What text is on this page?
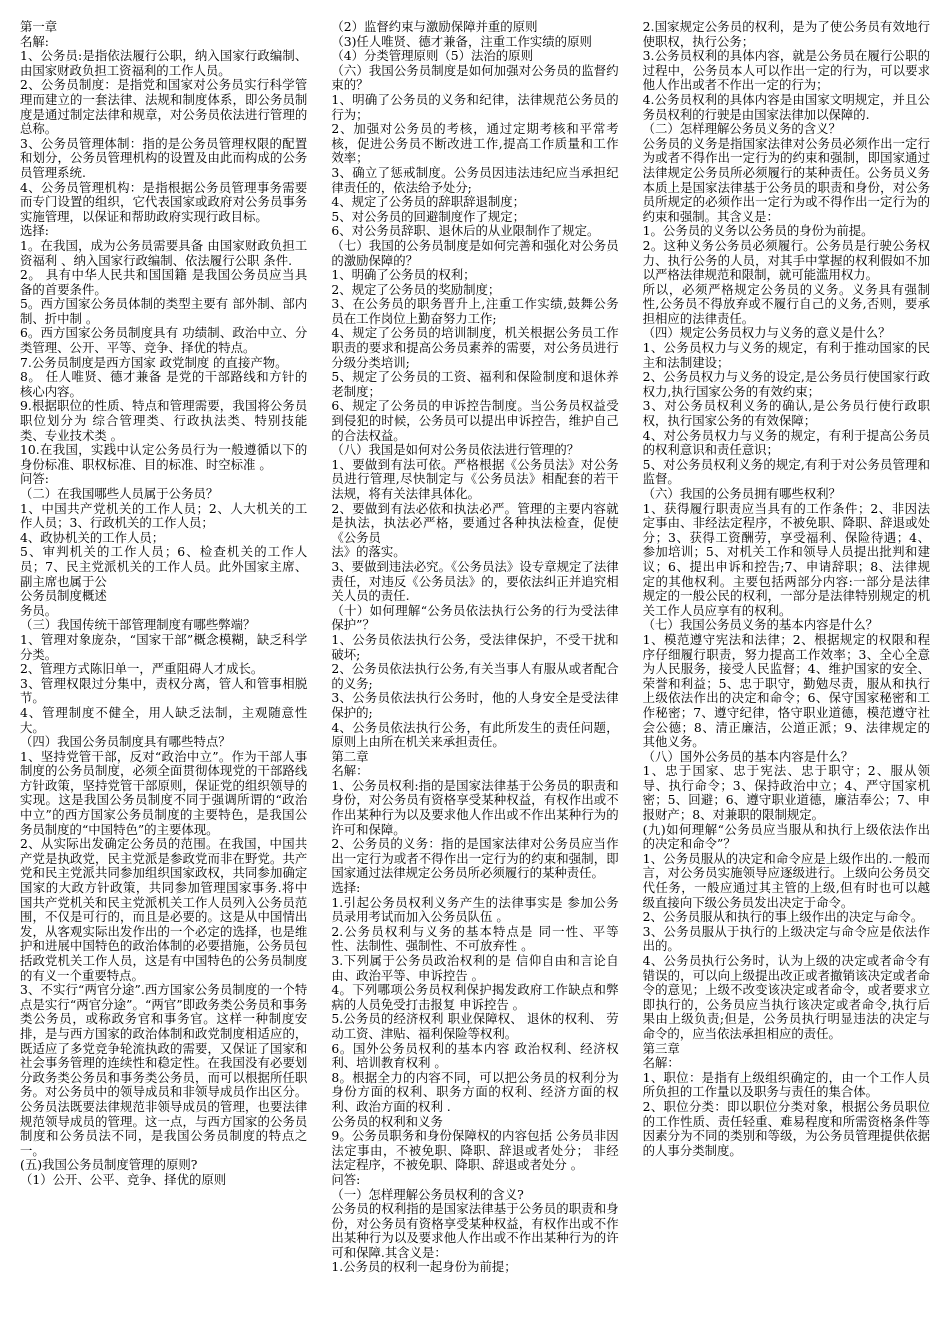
第一章
名解:
1、公务员:是指依法履行公职，纳入国家行政编制、由国家财政负担工资福利的工作人员。
2、公务员制度：是指党和国家对公务员实行科学管理而建立的一套法律、法规和制度体系，即公务员制度是通过制定法律和规章，对公务员依法进行管理的总称。
3、公务员管理体制：指的是公务员管理权限的配置和划分，公务员管理机构的设置及由此而构成的公务员管理系统.
4、公务员管理机构：是指根据公务员管理事务需要而专门设置的组织，它代表国家或政府对公务员事务实施管理，以保证和帮助政府实现行政目标。
选择:
1。在我国，成为公务员需要具备 由国家财政负担工资福利 、纳入国家行政编制、依法履行公职 条件.
2。 具有中华人民共和国国籍 是我国公务员应当具备的首要条件。
5。西方国家公务员体制的类型主要有 部外制、部内制、折中制 。
6。西方国家公务员制度具有 功绩制、政治中立、分类管理、公开、平等、竞争、择优的特点。
7.公务员制度是西方国家 政党制度 的直接产物。
8。 任人唯贤、德才兼备 是党的干部路线和方针的核心内容。
9.根据职位的性质、特点和管理需要，我国将公务员职位划分为 综合管理类、行政执法类、特别技能类、专业技术类 。
10.在我国，实践中认定公务员行为一般遵循以下的 身份标准、职权标准、目的标准、时空标准 。
问答:
（二）在我国哪些人员属于公务员？
1、中国共产党机关的工作人员；2、人大机关的工作人员；3、行政机关的工作人员；
4、政协机关的工作人员；
5、审判机关的工作人员；6、检查机关的工作人员；7、民主党派机关的工作人员。此外国家主席、副主席也属于公
公务员制度概述
务员。
（三）我国传统干部管理制度有哪些弊端？
1、管理对象庞杂，“国家干部”概念模糊，缺乏科学分类。
2、管理方式陈旧单一，严重阻碍人才成长。
3、管理权限过分集中，责权分离，管人和管事相脱节。
4、管理制度不健全，用人缺乏法制，主观随意性大。
（四）我国公务员制度具有哪些特点？
1、坚持党管干部，反对“政治中立”。作为干部人事制度的公务员制度，必须全面贯彻体现党的干部路线方针政策，坚持党管干部原则，保证党的组织领导的实现。这是我国公务员制度不同于强调所谓的“政治中立”的西方国家公务员制度的主要特色，是我国公务员制度的“中国特色”的主要体现。
2、从实际出发确定公务员的范围。在我国，中国共产党是执政党，民主党派是参政党而非在野党。共产党和民主党派共同参加组织国家政权，共同参加确定国家的大政方针政策，共同参加管理国家事务.将中国共产党机关和民主党派机关工作人员列入公务员范围，不仅是可行的，而且是必要的。这是从中国情出发，从客观实际出发作出的一个必定的选择，也是维护和进展中国特色的政治体制的必要措施，公务员包括政党机关工作人员，这是有中国特色的公务员制度的有义一个重要特点。
3、不实行“两官分途”.西方国家公务员制度的一个特点是实行“两官分途”。“两官”即政务类公务员和事务类公务员，或称政务官和事务官。这样一种制度安排，是与西方国家的政治体制和政党制度相适应的，既适应了多党竞争轮流执政的需要，又保证了国家和社会事务管理的连续性和稳定性。在我国没有必要划分政务类公务员和事务类公务员，而可以根据所任职务。对公务员中的领导成员和非领导成员作出区分。公务员法既要法律规范非领导成员的管理，也要法律规范领导成员的管理。这一点，与西方国家的公务员制度和公务员法不同，是我国公务员制度的特点之一。
(五)我国公务员制度管理的原则?
（1）公开、公平、竞争、择优的原则
（2）监督约束与激励保障并重的原则
（3)任人唯贤、德才兼备，注重工作实绩的原则
（4）分类管理原则（5）法治的原则
（六）我国公务员制度是如何加强对公务员的监督约束的？
1、明确了公务员的义务和纪律，法律规范公务员的行为；
2、加强对公务员的考核，通过定期考核和平常考核，促进公务员不断改进工作,提高工作质量和工作效率；
3、确立了惩戒制度。公务员因违法违纪应当承担纪律责任的，依法给予处分;
4、规定了公务员的辞职辞退制度；
5、对公务员的回避制度作了规定；
6、对公务员辞职、退休后的从业限制作了规定。
（七）我国的公务员制度是如何完善和强化对公务员的激励保障的？
1、明确了公务员的权利；
2、规定了公务员的奖励制度；
3、在公务员的职务晋升上,注重工作实绩,鼓舞公务员在工作岗位上勤奋努力工作;
4、规定了公务员的培训制度，机关根据公务员工作职责的要求和提高公务员素养的需要，对公务员进行分级分类培训;
5、规定了公务员的工资、福利和保险制度和退休养老制度；
6、规定了公务员的申诉控告制度。当公务员权益受到侵犯的时候，公务员可以提出申诉控告，维护自己的合法权益。
（八）我国是如何对公务员依法进行管理的？
1、要做到有法可依。严格根据《公务员法》对公务员进行管理,尽快制定与《公务员法》相配套的若干法规，将有关法律具体化。
2、要做到有法必依和执法必严。管理的主要内容就是执法，执法必严格，要通过各种执法检查，促使《公务员
法》的落实。
3、要做到违法必究。《公务员法》设专章规定了法律责任，对违反《公务员法》的，要依法纠正并追究相关人员的责任.
（十）如何理解“公务员依法执行公务的行为受法律保护”？
1、公务员依法执行公务，受法律保护，不受干扰和破坏;
2、公务员依法执行公务,有关当事人有服从或者配合的义务;
3、公务员依法执行公务时，他的人身安全是受法律保护的;
4、公务员依法执行公务，有此所发生的责任问题，原则上由所在机关来承担责任。
第二章
名解：
1、公务员权利:指的是国家法律基于公务员的职责和身份，对公务员有资格享受某种权益，有权作出或不作出某种行为以及要求他人作出或不作出某种行为的许可和保障。
2、公务员的义务：指的是国家法律对公务员应当作出一定行为或者不得作出一定行为的约束和强制，即国家通过法律规定公务员所必须履行的某种责任。
选择:
1.引起公务员权利义务产生的法律事实是 参加公务员录用考试而加入公务员队伍 。
2.公务员权利与义务的基本特点是 同一性、平等性、法制性、强制性、不可放弃性 。
3.下列属于公务员政治权利的是 信仰自由和言论自由、政治平等、申诉控告 。
4。下列哪项公务员权利保护揭发政府工作缺点和弊病的人员免受打击报复 申诉控告 。
5.公务员的经济权利 职业保障权、 退休的权利、 劳动工资、津贴、福利保险等权利。
6。国外公务员权利的基本内容 政治权利、经济权利、培训教育权利 。
8。根据全力的内容不同，可以把公务员的权利分为 身份方面的权利、职务方面的权利、经济方面的权利、政治方面的权利 .
公务员的权利和义务
9。公务员职务和身份保障权的内容包括 公务员非因法定事由，不被免职、降职、辞退或者处分； 非经法定程序，不被免职、降职、辞退或者处分 。
问答:
（一）怎样理解公务员权利的含义?
公务员的权利指的是国家法律基于公务员的职责和身份，对公务员有资格享受某种权益，有权作出或不作出某种行为以及要求他人作出或不作出某种行为的许可和保障.其含义是：
1.公务员的权利一起身份为前提；
2.国家规定公务员的权利，是为了使公务员有效地行使职权，执行公务；
3.公务员权利的具体内容，就是公务员在履行公职的过程中，公务员本人可以作出一定的行为，可以要求他人作出或者不作出一定的行为；
4.公务员权利的具体内容是由国家文明规定，并且公务员权利的行驶是由国家法律加以保障的.
（二）怎样理解公务员义务的含义？
公务员的义务是指国家法律对公务员必须作出一定行为或者不得作出一定行为的约束和强制，即国家通过法律规定公务员所必须履行的某种责任。公务员义务本质上是国家法律基于公务员的职责和身份，对公务员所规定的必须作出一定行为或不得作出一定行为的约束和强制。其含义是：
1。公务员的义务以公务员的身份为前提。
2。这种义务公务员必须履行。公务员是行驶公务权力、执行公务的人员，对其手中掌握的权利假如不加以严格法律规范和限制，就可能滥用权力。
所以，必须严格规定公务员的义务。义务具有强制性,公务员不得放弃或不履行自己的义务,否则，要承担相应的法律责任。
（四）规定公务员权力与义务的意义是什么？
1、公务员权力与义务的规定，有利于推动国家的民主和法制建设；
2、公务员权力与义务的设定,是公务员行使国家行政权力,执行国家公务的有效约束；
3、对公务员权利义务的确认,是公务员行使行政职权，执行国家公务的有效保障；
4、对公务员权力与义务的规定，有利于提高公务员的权利意识和责任意识；
5、对公务员权利义务的规定,有利于对公务员管理和监督。
（六）我国的公务员拥有哪些权利？
1、获得履行职责应当具有的工作条件；2、非因法定事由、非经法定程序，不被免职、降职、辞退或处分；3、获得工资酬劳，享受福利、保险待遇；4、参加培训；5、对机关工作和领导人员提出批判和建议；6、提出申诉和控告;7、申请辞职；8、法律规定的其他权利。主要包括两部分内容:一部分是法律规定的一般公民的权利，一部分是法律特别规定的机关工作人员应享有的权利。
（七）我国公务员义务的基本内容是什么？
1、模范遵守宪法和法律；2、根据规定的权限和程序仔细履行职责，努力提高工作效率；3、全心全意为人民服务，接受人民监督；4、维护国家的安全、荣誉和利益；5、忠于职守，勤勉尽责，服从和执行上级依法作出的决定和命令；6、保守国家秘密和工作秘密；7、遵守纪律，恪守职业道德，模范遵守社会公德；8、清正廉洁，公道正派；9、法律规定的其他义务。
（八）国外公务员的基本内容是什么？
1、忠于国家、忠于宪法、忠于职守；2、服从领导、执行命令；3、保持政治中立；4、严守国家机密；5、回避；6、遵守职业道德，廉洁奉公；7、申报财产；8、对兼职的限制规定。
(九)如何理解“公务员应当服从和执行上级依法作出的决定和命令”？
1、公务员服从的决定和命令应是上级作出的.一般而言，对公务员实施领导应逐级进行。上级向公务员交代任务，一般应通过其主管的上级,但有时也可以越级直接向下级公务员发出决定于命令。
2、公务员服从和执行的事上级作出的决定与命令。
3、公务员服从于执行的上级决定与命令应是依法作出的。
4、公务员执行公务时，认为上级的决定或者命令有错误的，可以向上级提出改正或者撤销该决定或者命令的意见；上级不改变该决定或者命令，或者要求立即执行的，公务员应当执行该决定或者命令,执行后果由上级负责;但是，公务员执行明显违法的决定与命令的，应当依法承担相应的责任。
第三章
名解：
1、职位：是指有上级组织确定的，由一个工作人员所负担的工作量以及职务与责任的集合体。
2、职位分类：即以职位分类对象，根据公务员职位的工作性质、责任轻重、难易程度和所需资格条件等因素分为不同的类别和等级，为公务员管理提供依据的人事分类制度。
